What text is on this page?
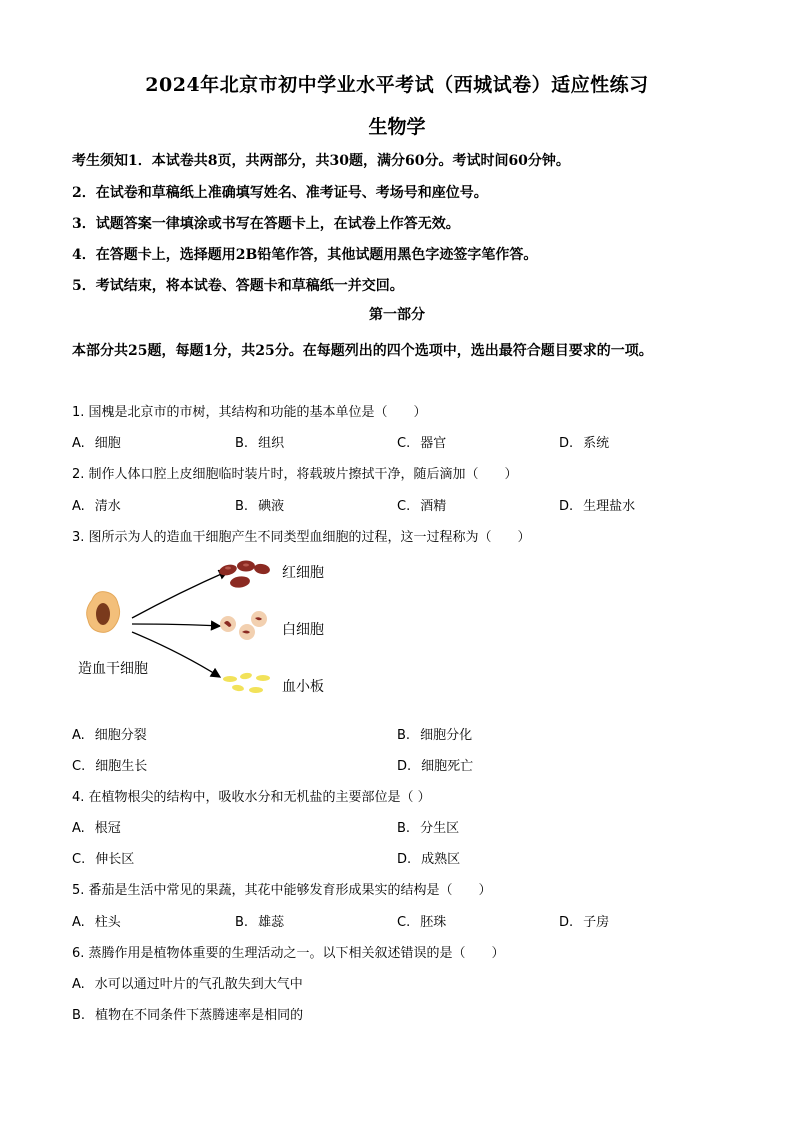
2024年北京市初中学业水平考试（西城试卷）适应性练习
生物学
考生须知1．本试卷共8页，共两部分，共30题，满分60分。考试时间60分钟。
2．在试卷和草稿纸上准确填写姓名、准考证号、考场号和座位号。
3．试题答案一律填涂或书写在答题卡上，在试卷上作答无效。
4．在答题卡上，选择题用2B铅笔作答，其他试题用黑色字迹签字笔作答。
5．考试结束，将本试卷、答题卡和草稿纸一并交回。
第一部分
本部分共25题，每题1分，共25分。在每题列出的四个选项中，选出最符合题目要求的一项。
1. 国槐是北京市的市树，其结构和功能的基本单位是（　　）
A. 细胞	B. 组织	C. 器官	D. 系统
2. 制作人体口腔上皮细胞临时装片时，将载玻片擦拭干净，随后滴加（　　）
A. 清水	B. 碘液	C. 酒精	D. 生理盐水
3. 图所示为人的造血干细胞产生不同类型血细胞的过程，这一过程称为（　　）
造血干细胞
红细胞
白细胞
血小板
A. 细胞分裂	B. 细胞分化
C. 细胞生长	D. 细胞死亡
4. 在植物根尖的结构中，吸收水分和无机盐的主要部位是（ ）
A. 根冠	B. 分生区
C. 伸长区	D. 成熟区
5. 番茄是生活中常见的果蔬，其花中能够发育形成果实的结构是（　　）
A. 柱头	B. 雄蕊	C. 胚珠	D. 子房
6. 蒸腾作用是植物体重要的生理活动之一。以下相关叙述错误的是（　　）
A. 水可以通过叶片的气孔散失到大气中
B. 植物在不同条件下蒸腾速率是相同的
